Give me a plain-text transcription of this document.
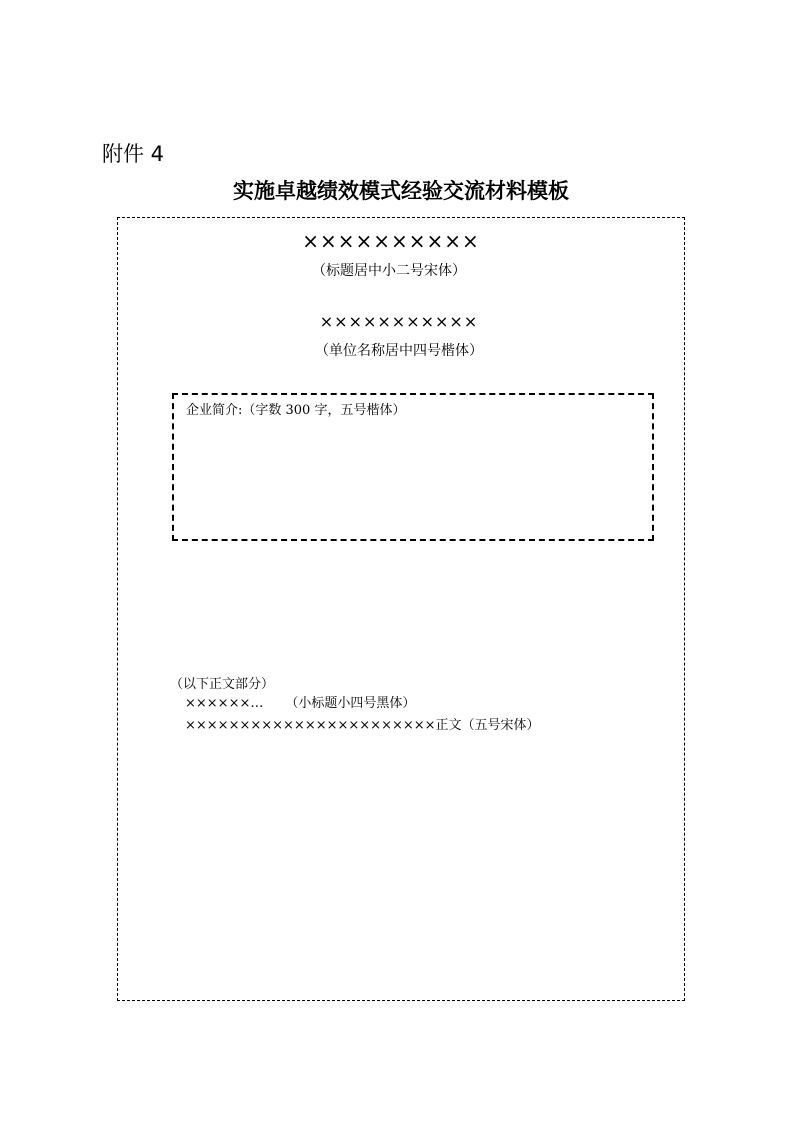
附件 4
实施卓越绩效模式经验交流材料模板
××××××××××
（标题居中小二号宋体）
×××××××××××
（单位名称居中四号楷体）
企业简介:（字数 300 字，五号楷体）
（以下正文部分）
××××××… （小标题小四号黑体）
×××××××××××××××××××××××正文（五号宋体）
